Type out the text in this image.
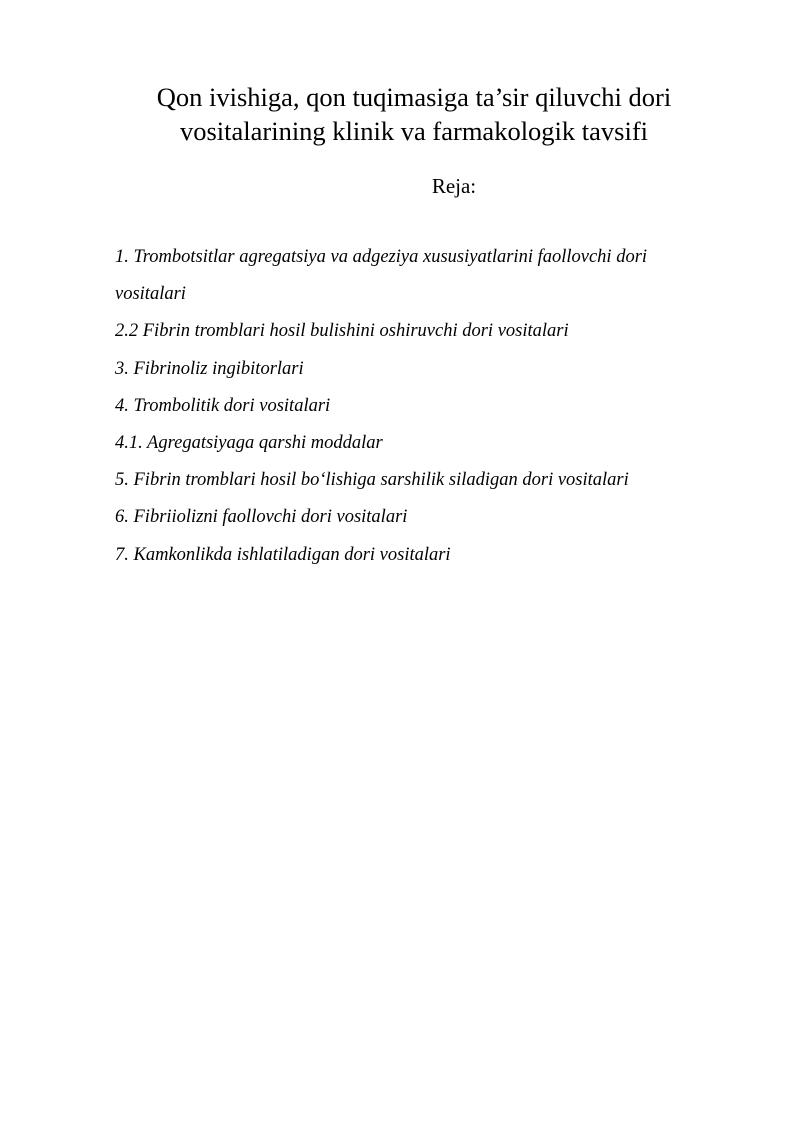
Qon ivishiga, qon tuqimasiga ta’sir qiluvchi dori
vositalarining klinik va farmakologik tavsifi
Reja:
1. Trombotsitlar agregatsiya va adgeziya xususiyatlarini faollovchi dori
vositalari
2.2 Fibrin tromblari hosil bulishini oshiruvchi dori vositalari
3. Fibrinoliz ingibitorlari
4. Trombolitik dori vositalari
4.1. Agregatsiyaga qarshi moddalar
5. Fibrin tromblari hosil bo‘lishiga sarshilik siladigan dori vositalari
6. Fibriiolizni faollovchi dori vositalari
7. Kamkonlikda ishlatiladigan dori vositalari
